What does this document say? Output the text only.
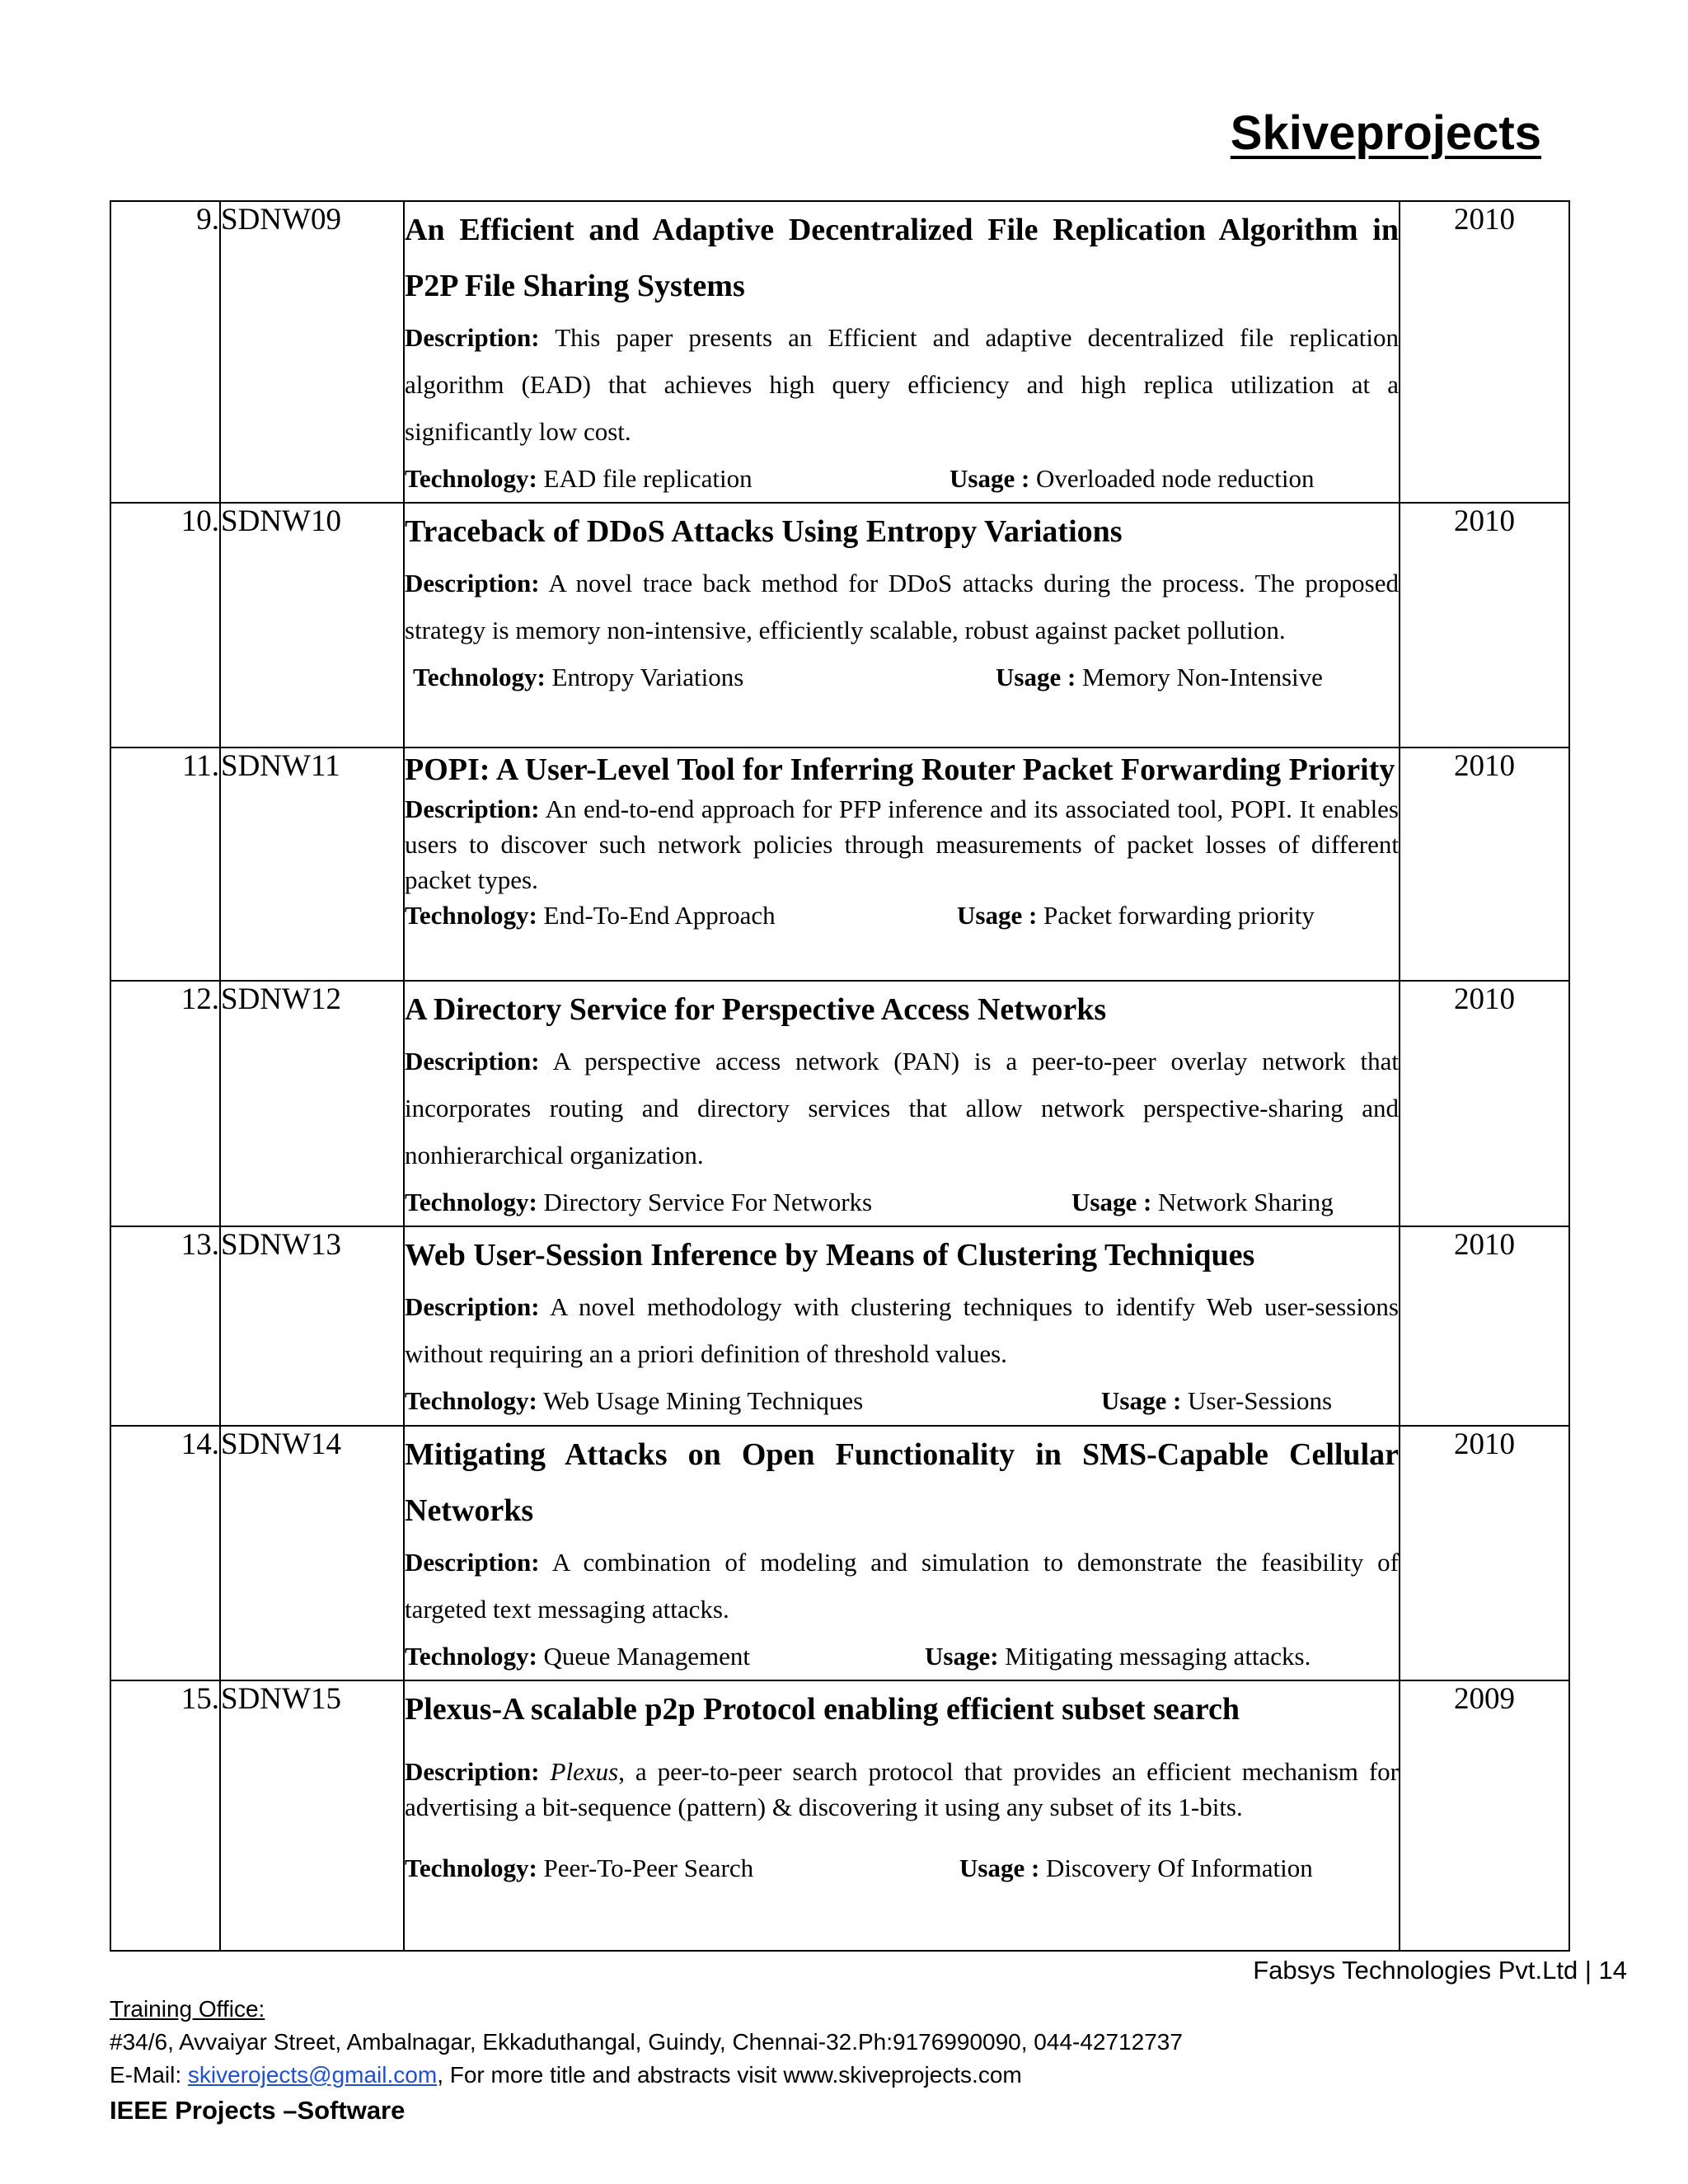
Skiveprojects
9.	SDNW09	An Efficient and Adaptive Decentralized File Replication Algorithm in P2P File Sharing Systems
Description: This paper presents an Efficient and adaptive decentralized file replication algorithm (EAD) that achieves high query efficiency and high replica utilization at a significantly low cost.
Technology: EAD file replication Usage : Overloaded node reduction	2010
10.	SDNW10	Traceback of DDoS Attacks Using Entropy Variations
Description: A novel trace back method for DDoS attacks during the process. The proposed strategy is memory non-intensive, efficiently scalable, robust against packet pollution.
Technology: Entropy Variations Usage : Memory Non-Intensive	2010
11.	SDNW11	POPI: A User-Level Tool for Inferring Router Packet Forwarding Priority
Description: An end-to-end approach for PFP inference and its associated tool, POPI. It enables users to discover such network policies through measurements of packet losses of different packet types.
Technology: End-To-End Approach Usage : Packet forwarding priority	2010
12.	SDNW12	A Directory Service for Perspective Access Networks
Description: A perspective access network (PAN) is a peer-to-peer overlay network that incorporates routing and directory services that allow network perspective-sharing and nonhierarchical organization.
Technology: Directory Service For Networks Usage : Network Sharing	2010
13.	SDNW13	Web User-Session Inference by Means of Clustering Techniques
Description: A novel methodology with clustering techniques to identify Web user-sessions without requiring an a priori definition of threshold values.
Technology: Web Usage Mining Techniques Usage : User-Sessions	2010
14.	SDNW14	Mitigating Attacks on Open Functionality in SMS-Capable Cellular Networks
Description: A combination of modeling and simulation to demonstrate the feasibility of targeted text messaging attacks.
Technology: Queue Management Usage: Mitigating messaging attacks.	2010
15.	SDNW15	Plexus-A scalable p2p Protocol enabling efficient subset search
Description: Plexus, a peer-to-peer search protocol that provides an efficient mechanism for advertising a bit-sequence (pattern) & discovering it using any subset of its 1-bits.
Technology: Peer-To-Peer Search Usage : Discovery Of Information	2009
Fabsys Technologies Pvt.Ltd | 14
Training Office:
#34/6, Avvaiyar Street, Ambalnagar, Ekkaduthangal, Guindy, Chennai-32.Ph:9176990090, 044-42712737
E-Mail: skiverojects@gmail.com, For more title and abstracts visit www.skiveprojects.com
IEEE Projects –Software
